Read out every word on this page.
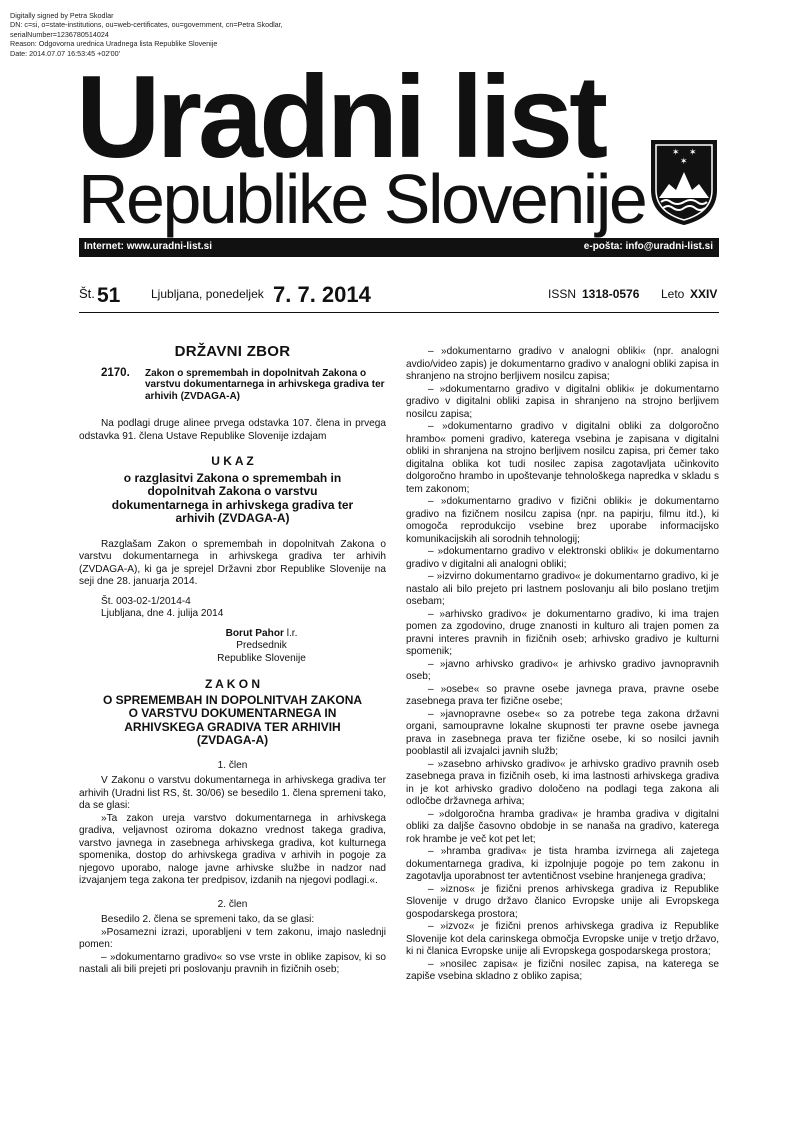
Digitally signed by Petra Skodlar
DN: c=si, o=state-institutions, ou=web-certificates, ou=government, cn=Petra Skodlar,
serialNumber=1236780514024
Reason: Odgovorna urednica Uradnega lista Republike Slovenije
Date: 2014.07.07 16:53:45 +02'00'
Uradni list
Republike Slovenije
✶ ✶
✶
Internet: www.uradni-list.si	e-pošta: info@uradni-list.si
Št. 51	Ljubljana, ponedeljek 7. 7. 2014	ISSN 1318-0576 Leto XXIV
DRŽAVNI ZBOR
2170. Zakon o spremembah in dopolnitvah Zakona o varstvu dokumentarnega in arhivskega gradiva ter arhivih (ZVDAGA-A)

Na podlagi druge alinee prvega odstavka 107. člena in prvega odstavka 91. člena Ustave Republike Slovenije izdajam

U K A Z

o razglasitvi Zakona o spremembah in dopolnitvah Zakona o varstvu dokumentarnega in arhivskega gradiva ter arhivih (ZVDAGA-A)

Razglašam Zakon o spremembah in dopolnitvah Zakona o varstvu dokumentarnega in arhivskega gradiva ter arhivih (ZVDAGA-A), ki ga je sprejel Državni zbor Republike Slovenije na seji dne 28. januarja 2014.

Št. 003-02-1/2014-4

Ljubljana, dne 4. julija 2014

Borut Pahor l.r.
Predsednik
Republike Slovenije

Z A K O N

O SPREMEMBAH IN DOPOLNITVAH ZAKONA O VARSTVU DOKUMENTARNEGA IN ARHIVSKEGA GRADIVA TER ARHIVIH (ZVDAGA-A)

1. člen

V Zakonu o varstvu dokumentarnega in arhivskega gradiva ter arhivih (Uradni list RS, št. 30/06) se besedilo 1. člena spremeni tako, da se glasi:

»Ta zakon ureja varstvo dokumentarnega in arhivskega gradiva, veljavnost oziroma dokazno vrednost takega gradiva, varstvo javnega in zasebnega arhivskega gradiva, kot kulturnega spomenika, dostop do arhivskega gradiva v arhivih in pogoje za njegovo uporabo, naloge javne arhivske službe in nadzor nad izvajanjem tega zakona ter predpisov, izdanih na njegovi podlagi.«.

2. člen

Besedilo 2. člena se spremeni tako, da se glasi:

»Posamezni izrazi, uporabljeni v tem zakonu, imajo naslednji pomen:

– »dokumentarno gradivo« so vse vrste in oblike zapisov, ki so nastali ali bili prejeti pri poslovanju pravnih in fizičnih oseb;

– »dokumentarno gradivo v analogni obliki« (npr. analogni avdio/video zapis) je dokumentarno gradivo v analogni obliki zapisa in shranjeno na strojno berljivem nosilcu zapisa;

– »dokumentarno gradivo v digitalni obliki« je dokumentarno gradivo v digitalni obliki zapisa in shranjeno na strojno berljivem nosilcu zapisa;

– »dokumentarno gradivo v digitalni obliki za dolgoročno hrambo« pomeni gradivo, katerega vsebina je zapisana v digitalni obliki in shranjena na strojno berljivem nosilcu zapisa, pri čemer tako digitalna oblika kot tudi nosilec zapisa zagotavljata učinkovito dolgoročno hrambo in upoštevanje tehnološkega napredka v skladu s tem zakonom;

– »dokumentarno gradivo v fizični obliki« je dokumentarno gradivo na fizičnem nosilcu zapisa (npr. na papirju, filmu itd.), ki omogoča reprodukcijo vsebine brez uporabe informacijsko komunikacijskih ali sorodnih tehnologij;

– »dokumentarno gradivo v elektronski obliki« je dokumentarno gradivo v digitalni ali analogni obliki;

– »izvirno dokumentarno gradivo« je dokumentarno gradivo, ki je nastalo ali bilo prejeto pri lastnem poslovanju ali bilo poslano tretjim osebam;

– »arhivsko gradivo« je dokumentarno gradivo, ki ima trajen pomen za zgodovino, druge znanosti in kulturo ali trajen pomen za pravni interes pravnih in fizičnih oseb; arhivsko gradivo je kulturni spomenik;

– »javno arhivsko gradivo« je arhivsko gradivo javnopravnih oseb;

– »osebe« so pravne osebe javnega prava, pravne osebe zasebnega prava ter fizične osebe;

– »javnopravne osebe« so za potrebe tega zakona državni organi, samoupravne lokalne skupnosti ter pravne osebe javnega prava in zasebnega prava ter fizične osebe, ki so nosilci javnih pooblastil ali izvajalci javnih služb;

– »zasebno arhivsko gradivo« je arhivsko gradivo pravnih oseb zasebnega prava in fizičnih oseb, ki ima lastnosti arhivskega gradiva in je kot arhivsko gradivo določeno na podlagi tega zakona ali odločbe državnega arhiva;

– »dolgoročna hramba gradiva« je hramba gradiva v digitalni obliki za daljše časovno obdobje in se nanaša na gradivo, katerega rok hrambe je več kot pet let;

– »hramba gradiva« je tista hramba izvirnega ali zajetega dokumentarnega gradiva, ki izpolnjuje pogoje po tem zakonu in zagotavlja uporabnost ter avtentičnost vsebine hranjenega gradiva;

– »iznos« je fizični prenos arhivskega gradiva iz Republike Slovenije v drugo državo članico Evropske unije ali Evropskega gospodarskega prostora;

– »izvoz« je fizični prenos arhivskega gradiva iz Republike Slovenije kot dela carinskega območja Evropske unije v tretjo državo, ki ni članica Evropske unije ali Evropskega gospodarskega prostora;

– »nosilec zapisa« je fizični nosilec zapisa, na katerega se zapiše vsebina skladno z obliko zapisa;
